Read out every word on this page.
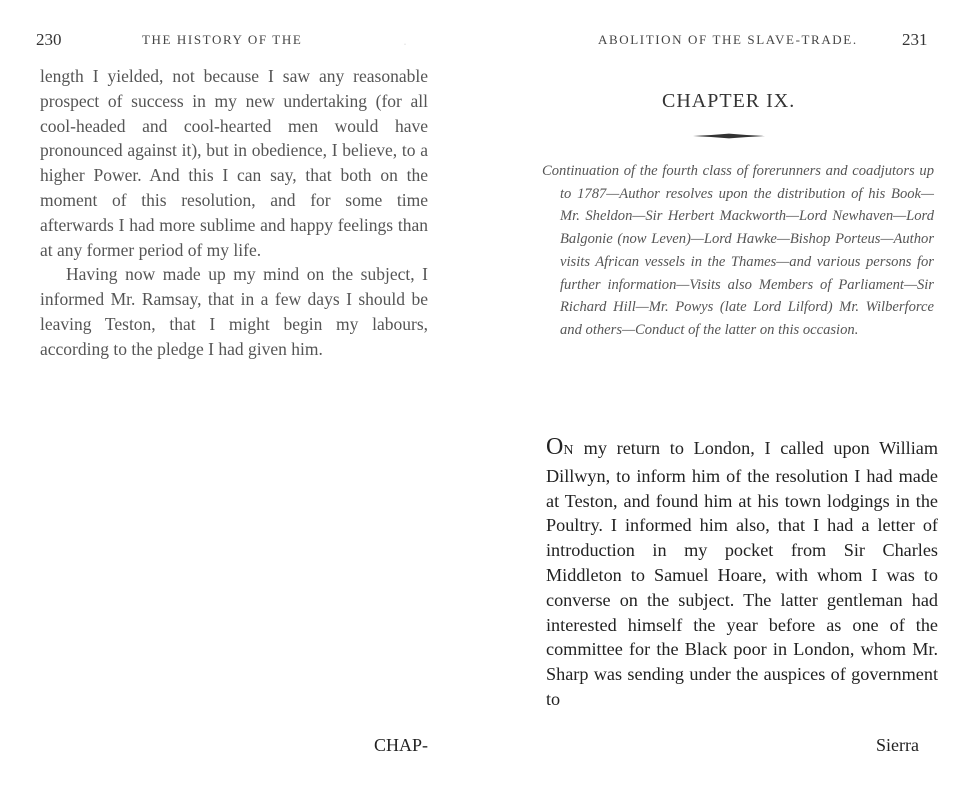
230	THE HISTORY OF THE	·

length I yielded, not because I saw any reasonable prospect of success in my new undertaking (for all cool-headed and cool-hearted men would have pronounced against it), but in obedience, I believe, to a higher Power. And this I can say, that both on the moment of this resolution, and for some time afterwards I had more sublime and happy feelings than at any former period of my life.

Having now made up my mind on the subject, I informed Mr. Ramsay, that in a few days I should be leaving Teston, that I might begin my labours, according to the pledge I had given him.

CHAP-
ABOLITION OF THE SLAVE-TRADE.	231
CHAPTER IX.

Continuation of the fourth class of forerunners and coadjutors up to 1787—Author resolves upon the distribution of his Book—Mr. Sheldon—Sir Herbert Mackworth—Lord Newhaven—Lord Balgonie (now Leven)—Lord Hawke—Bishop Porteus—Author visits African vessels in the Thames—and various persons for further information—Visits also Members of Parliament—Sir Richard Hill—Mr. Powys (late Lord Lilford) Mr. Wilberforce and others—Conduct of the latter on this occasion.

ON my return to London, I called upon William Dillwyn, to inform him of the resolution I had made at Teston, and found him at his town lodgings in the Poultry. I informed him also, that I had a letter of introduction in my pocket from Sir Charles Middleton to Samuel Hoare, with whom I was to converse on the subject. The latter gentleman had interested himself the year before as one of the committee for the Black poor in London, whom Mr. Sharp was sending under the auspices of government to

Sierra
